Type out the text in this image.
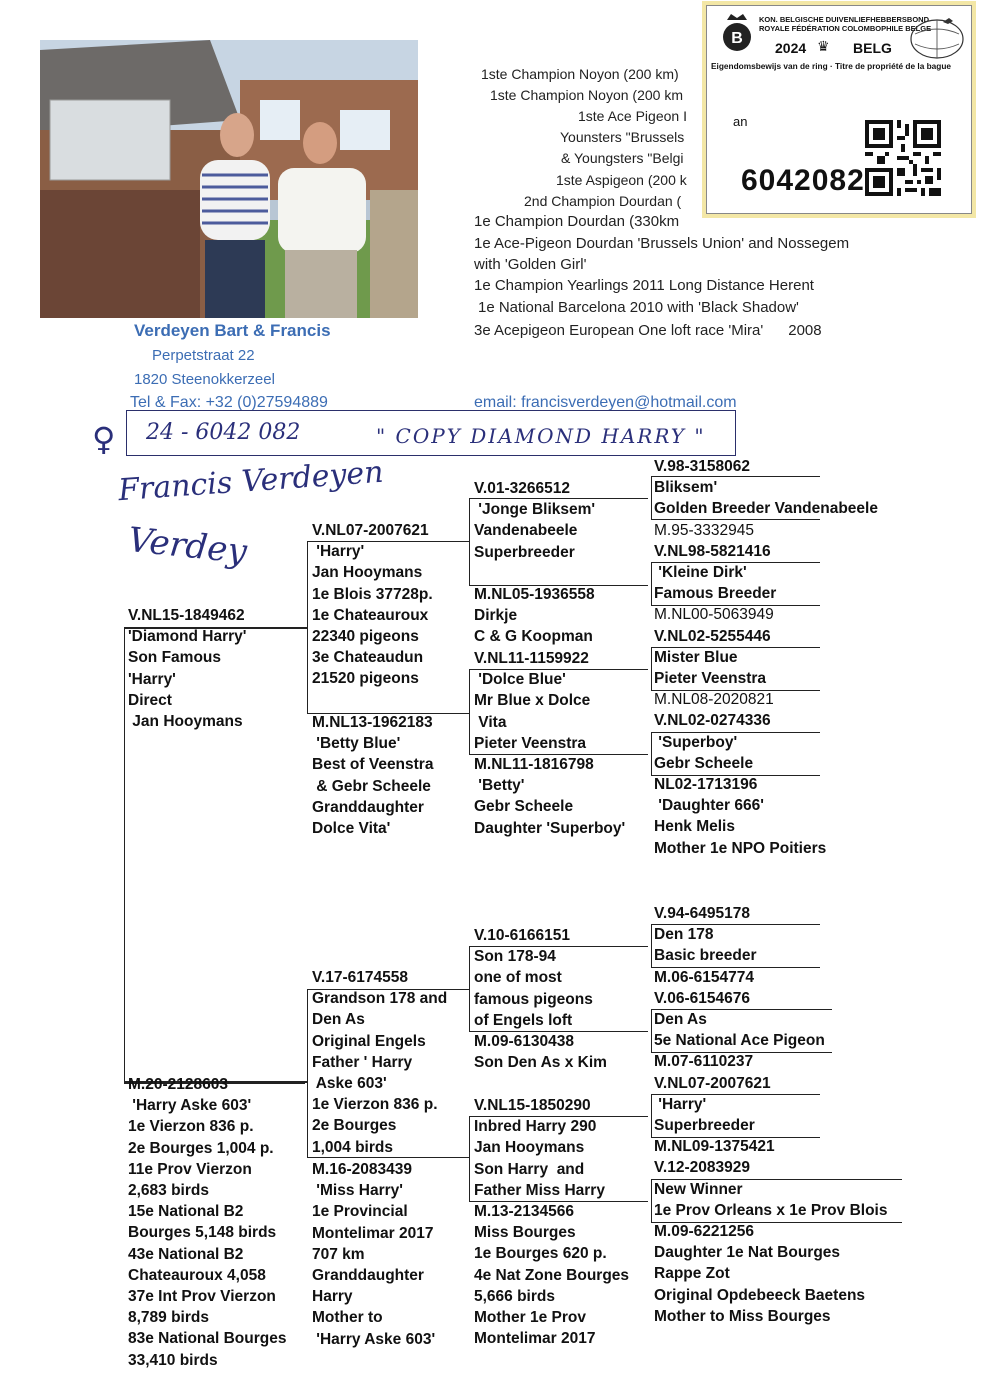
Verdeyen Bart & Francis
Perpetstraat 22
1820 Steenokkerzeel
Tel & Fax: +32 (0)27594889	email: francisverdeyen@hotmail.com
1ste Champion Noyon (200 km)
1ste Champion Noyon (200 km
1ste Ace Pigeon I
Younsters "Brussels
& Youngsters "Belgi
1ste Aspigeon (200 k
2nd Champion Dourdan (
1e Champion Dourdan (330km
1e Ace-Pigeon Dourdan 'Brussels Union' and Nossegem
with 'Golden Girl'
1e Champion Yearlings 2011 Long Distance Herent
1e National Barcelona 2010 with 'Black Shadow'
3e Acepigeon European One loft race 'Mira'      2008
B
KON. BELGISCHE DUIVENLIEFHEBBERSBOND
ROYALE FÉDÉRATION COLOMBOPHILE BELGE
2024 ♛ BELG
Eigendomsbewijs van de ring · Titre de propriété de la bague
an
6042082
♀ 24 - 6042 082	" COPY DIAMOND HARRY "
Francis Verdeyen
Verdey
V.NL15-1849462
'Diamond Harry'
Son Famous
'Harry'
Direct
Jan Hooymans
V.NL07-2007621
'Harry'
Jan Hooymans
1e Blois 37728p.
1e Chateauroux
22340 pigeons
3e Chateaudun
21520 pigeons
M.NL13-1962183
'Betty Blue'
Best of Veenstra
& Gebr Scheele
Granddaughter
Dolce Vita'
V.01-3266512
'Jonge Bliksem'
Vandenabeele
Superbreeder
M.NL05-1936558
Dirkje
C & G Koopman
V.NL11-1159922
'Dolce Blue'
Mr Blue x Dolce
Vita
Pieter Veenstra
M.NL11-1816798
'Betty'
Gebr Scheele
Daughter 'Superboy'
V.98-3158062
Bliksem'
Golden Breeder Vandenabeele
M.95-3332945
V.NL98-5821416
'Kleine Dirk'
Famous Breeder
M.NL00-5063949
V.NL02-5255446
Mister Blue
Pieter Veenstra
M.NL08-2020821
V.NL02-0274336
'Superboy'
Gebr Scheele
NL02-1713196
'Daughter 666'
Henk Melis
Mother 1e NPO Poitiers
M.20-2128603
'Harry Aske 603'
1e Vierzon 836 p.
2e Bourges 1,004 p.
11e Prov Vierzon
2,683 birds
15e National B2
Bourges 5,148 birds
43e National B2
Chateauroux 4,058
37e Int Prov Vierzon
8,789 birds
83e National Bourges
33,410 birds
V.17-6174558
Grandson 178 and
Den As
Original Engels
Father ' Harry
Aske 603'
1e Vierzon 836 p.
2e Bourges
1,004 birds
M.16-2083439
'Miss Harry'
1e Provincial
Montelimar 2017
707 km
Granddaughter
Harry
Mother to
'Harry Aske 603'
V.10-6166151
Son 178-94
one of most
famous pigeons
of Engels loft
M.09-6130438
Son Den As x Kim
V.NL15-1850290
Inbred Harry 290
Jan Hooymans
Son Harry  and
Father Miss Harry
M.13-2134566
Miss Bourges
1e Bourges 620 p.
4e Nat Zone Bourges
5,666 birds
Mother 1e Prov
Montelimar 2017
V.94-6495178
Den 178
Basic breeder
M.06-6154774
V.06-6154676
Den As
5e National Ace Pigeon
M.07-6110237
V.NL07-2007621
'Harry'
Superbreeder
M.NL09-1375421
V.12-2083929
New Winner
1e Prov Orleans x 1e Prov Blois
M.09-6221256
Daughter 1e Nat Bourges
Rappe Zot
Original Opdebeeck Baetens
Mother to Miss Bourges
